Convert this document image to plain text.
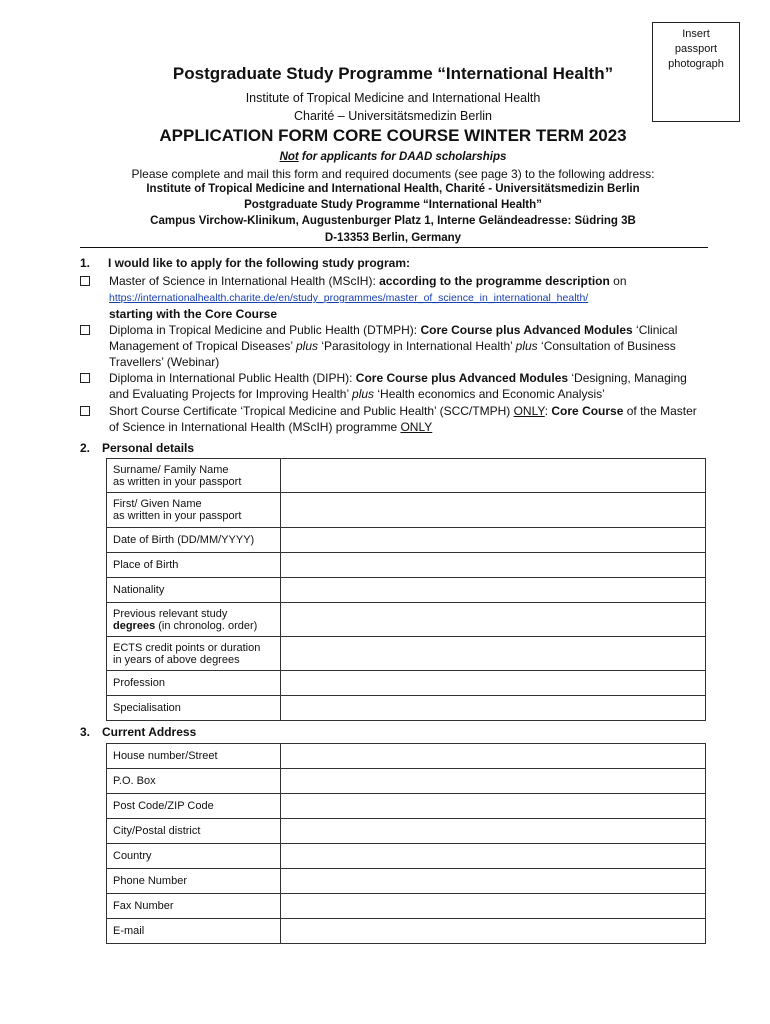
Insert
passport
photograph
Postgraduate Study Programme “International Health”
Institute of Tropical Medicine and International Health
Charité – Universitätsmedizin Berlin
APPLICATION FORM CORE COURSE WINTER TERM 2023
Not for applicants for DAAD scholarships
Please complete and mail this form and required documents (see page 3) to the following address:
Institute of Tropical Medicine and International Health, Charité - Universitätsmedizin Berlin
Postgraduate Study Programme “International Health”
Campus Virchow-Klinikum, Augustenburger Platz 1, Interne Geländeadresse: Südring 3B
D-13353 Berlin, Germany
1. I would like to apply for the following study program:
Master of Science in International Health (MScIH): according to the programme description on
https://internationalhealth.charite.de/en/study_programmes/master_of_science_in_international_health/
starting with the Core Course
Diploma in Tropical Medicine and Public Health (DTMPH): Core Course plus Advanced Modules ‘Clinical Management of Tropical Diseases’ plus ‘Parasitology in International Health’ plus ‘Consultation of Business Travellers’ (Webinar)
Diploma in International Public Health (DIPH): Core Course plus Advanced Modules ‘Designing, Managing and Evaluating Projects for Improving Health’ plus ‘Health economics and Economic Analysis’
Short Course Certificate ‘Tropical Medicine and Public Health’ (SCC/TMPH) ONLY: Core Course of the Master of Science in International Health (MScIH) programme ONLY
2. Personal details
Surname/ Family Name
as written in your passport	
First/ Given Name
as written in your passport	
Date of Birth (DD/MM/YYYY)	
Place of Birth	
Nationality	
Previous relevant study
degrees (in chronolog. order)	
ECTS credit points or duration
in years of above degrees	
Profession	
Specialisation	
3. Current Address
House number/Street	
P.O. Box	
Post Code/ZIP Code	
City/Postal district	
Country	
Phone Number	
Fax Number	
E-mail	
